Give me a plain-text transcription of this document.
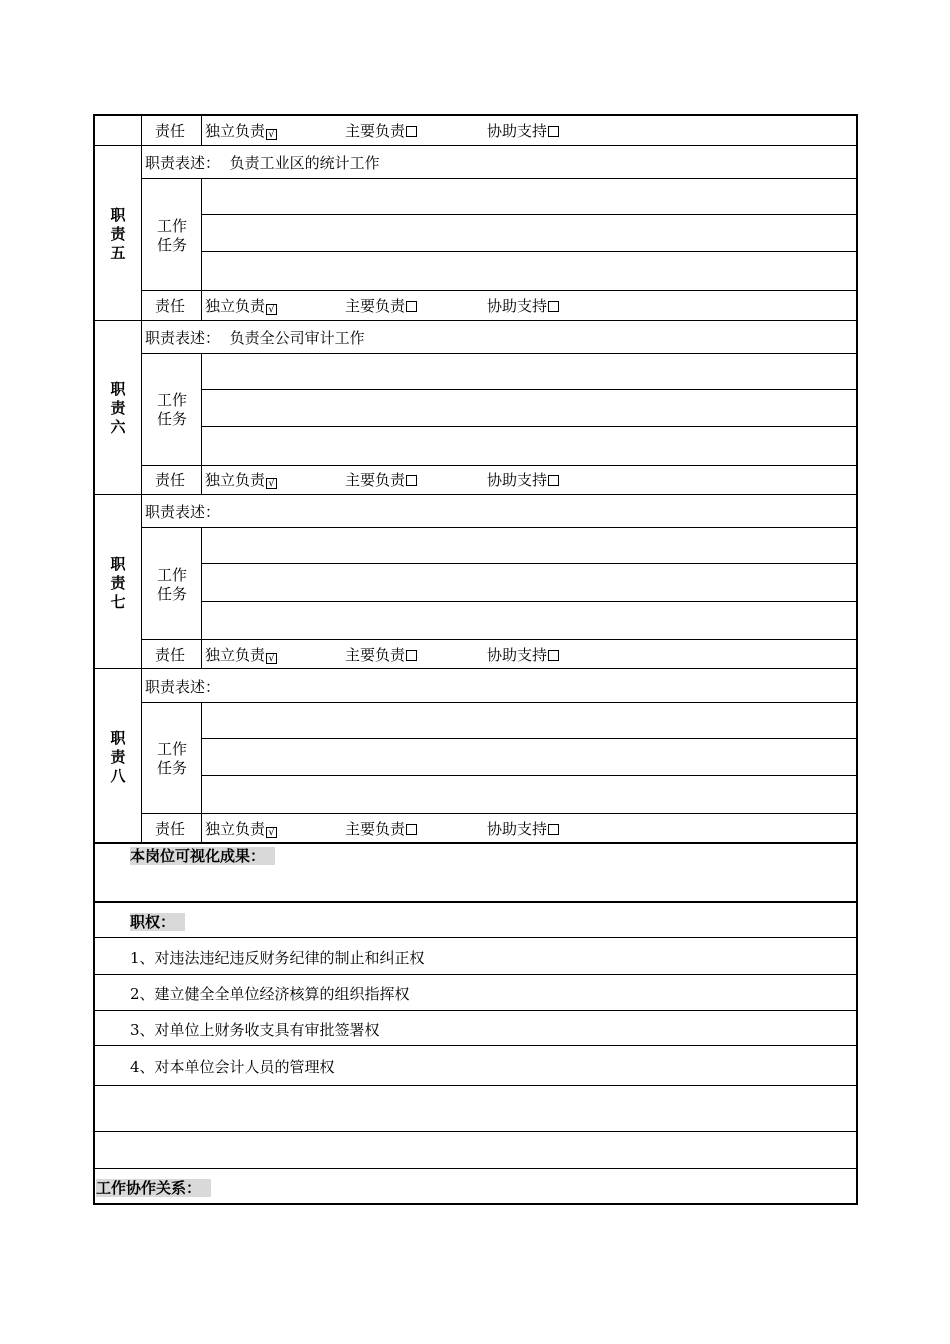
责任 独立负责 √	主要负责	协助支持
职
责
五
职责表述： 负责工业区的统计工作
工作
任务
责任 独立负责 √	主要负责	协助支持
职
责
六
职责表述： 负责全公司审计工作
工作
任务
责任 独立负责 √	主要负责	协助支持
职
责
七
职责表述：
工作
任务
责任 独立负责 √	主要负责	协助支持
职
责
八
职责表述：
工作
任务
责任 独立负责 √	主要负责	协助支持
本岗位可视化成果：
职权：
1、对违法违纪违反财务纪律的制止和纠正权
2、建立健全全单位经济核算的组织指挥权
3、对单位上财务收支具有审批签署权
4、对本单位会计人员的管理权
工作协作关系：
